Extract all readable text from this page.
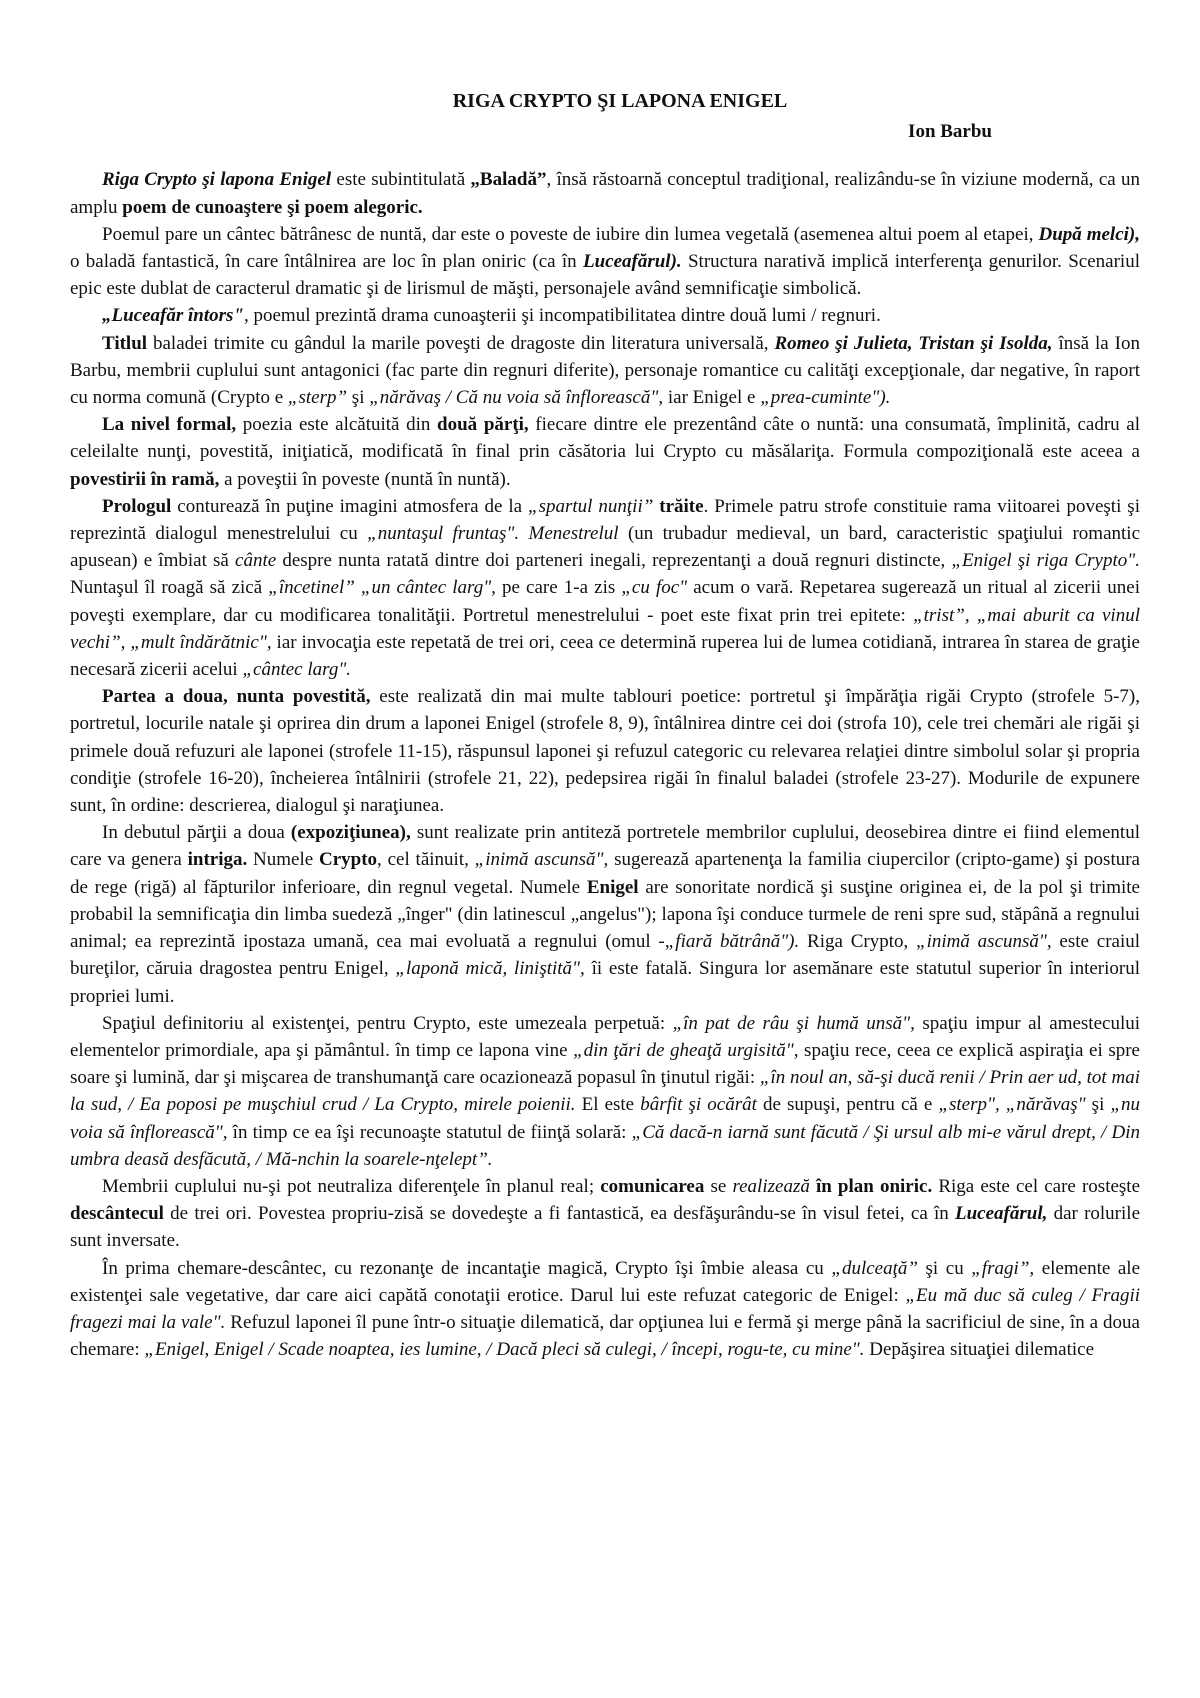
RIGA CRYPTO ŞI LAPONA ENIGEL
Ion Barbu

Riga Crypto şi lapona Enigel este subintitulată „Baladă”, însă răstoarnă conceptul tradiţional, realizându-se în viziune modernă, ca un amplu poem de cunoaştere şi poem alegoric.

Poemul pare un cântec bătrânesc de nuntă, dar este o poveste de iubire din lumea vegetală (asemenea altui poem al etapei, După melci), o baladă fantastică, în care întâlnirea are loc în plan oniric (ca în Luceafărul). Structura narativă implică interferenţa genurilor. Scenariul epic este dublat de caracterul dramatic şi de lirismul de măşti, personajele având semnificaţie simbolică.

„Luceafăr întors", poemul prezintă drama cunoaşterii şi incompatibilitatea dintre două lumi / regnuri.

Titlul baladei trimite cu gândul la marile poveşti de dragoste din literatura universală, Romeo şi Julieta, Tristan şi Isolda, însă la Ion Barbu, membrii cuplului sunt antagonici (fac parte din regnuri diferite), personaje romantice cu calităţi excepţionale, dar negative, în raport cu norma comună (Crypto e „sterp” şi „nărăvaş / Că nu voia să înflorească", iar Enigel e „prea-cuminte").

La nivel formal, poezia este alcătuită din două părţi, fiecare dintre ele prezentând câte o nuntă: una consumată, împlinită, cadru al celeilalte nunţi, povestită, iniţiatică, modificată în final prin căsătoria lui Crypto cu măsălariţa. Formula compoziţională este aceea a povestirii în ramă, a poveştii în poveste (nuntă în nuntă).

Prologul conturează în puţine imagini atmosfera de la „spartul nunţii” trăite. Primele patru strofe constituie rama viitoarei poveşti şi reprezintă dialogul menestrelului cu „nuntaşul fruntaş". Menestrelul (un trubadur medieval, un bard, caracteristic spaţiului romantic apusean) e îmbiat să cânte despre nunta ratată dintre doi parteneri inegali, reprezentanţi a două regnuri distincte, „Enigel şi riga Crypto". Nuntaşul îl roagă să zică „încetinel” „un cântec larg", pe care 1-a zis „cu foc" acum o vară. Repetarea sugerează un ritual al zicerii unei poveşti exemplare, dar cu modificarea tonalităţii. Portretul menestrelului - poet este fixat prin trei epitete: „trist”, „mai aburit ca vinul vechi”, „mult îndărătnic", iar invocaţia este repetată de trei ori, ceea ce determină ruperea lui de lumea cotidiană, intrarea în starea de graţie necesară zicerii acelui „cântec larg".

Partea a doua, nunta povestită, este realizată din mai multe tablouri poetice: portretul şi împărăţia rigăi Crypto (strofele 5-7), portretul, locurile natale şi oprirea din drum a laponei Enigel (strofele 8, 9), întâlnirea dintre cei doi (strofa 10), cele trei chemări ale rigăi şi primele două refuzuri ale laponei (strofele 11-15), răspunsul laponei şi refuzul categoric cu relevarea relaţiei dintre simbolul solar şi propria condiţie (strofele 16-20), încheierea întâlnirii (strofele 21, 22), pedepsirea rigăi în finalul baladei (strofele 23-27). Modurile de expunere sunt, în ordine: descrierea, dialogul şi naraţiunea.

In debutul părţii a doua (expoziţiunea), sunt realizate prin antiteză portretele membrilor cuplului, deosebirea dintre ei fiind elementul care va genera intriga. Numele Crypto, cel tăinuit, „inimă ascunsă", sugerează apartenenţa la familia ciupercilor (cripto-game) şi postura de rege (rigă) al făpturilor inferioare, din regnul vegetal. Numele Enigel are sonoritate nordică şi susţine originea ei, de la pol şi trimite probabil la semnificaţia din limba suedeză „înger" (din latinescul „angelus"); lapona îşi conduce turmele de reni spre sud, stăpână a regnului animal; ea reprezintă ipostaza umană, cea mai evoluată a regnului (omul -„fiară bătrână"). Riga Crypto, „inimă ascunsă", este craiul bureţilor, căruia dragostea pentru Enigel, „laponă mică, liniştită", îi este fatală. Singura lor asemănare este statutul superior în interiorul propriei lumi.

Spaţiul definitoriu al existenţei, pentru Crypto, este umezeala perpetuă: „în pat de râu şi humă unsă", spaţiu impur al amestecului elementelor primordiale, apa şi pământul. în timp ce lapona vine „din ţări de gheaţă urgisită", spaţiu rece, ceea ce explică aspiraţia ei spre soare şi lumină, dar şi mişcarea de transhumanţă care ocazionează popasul în ţinutul rigăi: „în noul an, să-şi ducă renii / Prin aer ud, tot mai la sud, / Ea poposi pe muşchiul crud / La Crypto, mirele poienii. El este bârfit şi ocărât de supuşi, pentru că e „sterp", „nărăvaş" şi „nu voia să înflorească", în timp ce ea îşi recunoaşte statutul de fiinţă solară: „Că dacă-n iarnă sunt făcută / Şi ursul alb mi-e vărul drept, / Din umbra deasă desfăcută, / Mă-nchin la soarele-nţelept”.

Membrii cuplului nu-şi pot neutraliza diferenţele în planul real; comunicarea se realizează în plan oniric. Riga este cel care rosteşte descântecul de trei ori. Povestea propriu-zisă se dovedeşte a fi fantastică, ea desfăşurându-se în visul fetei, ca în Luceafărul, dar rolurile sunt inversate.

În prima chemare-descântec, cu rezonanţe de incantaţie magică, Crypto îşi îmbie aleasa cu „dulceaţă” şi cu „fragi”, elemente ale existenţei sale vegetative, dar care aici capătă conotaţii erotice. Darul lui este refuzat categoric de Enigel: „Eu mă duc să culeg / Fragii fragezi mai la vale". Refuzul laponei îl pune într-o situaţie dilematică, dar opţiunea lui e fermă şi merge până la sacrificiul de sine, în a doua chemare: „Enigel, Enigel / Scade noaptea, ies lumine, / Dacă pleci să culegi, / începi, rogu-te, cu mine". Depăşirea situaţiei dilematice
